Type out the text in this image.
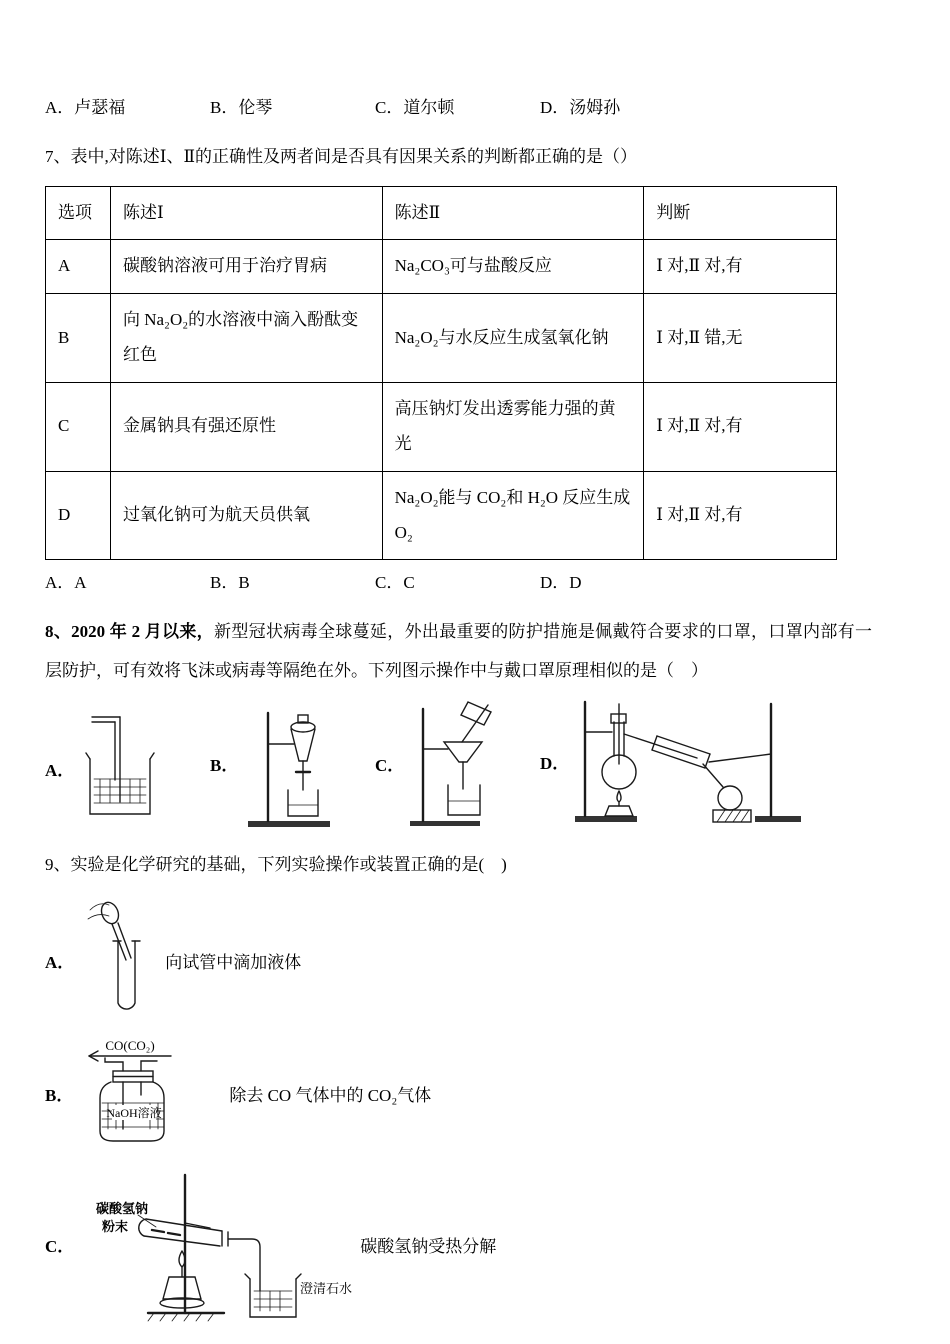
A．卢瑟福	B．伦琴	C．道尔顿	D．汤姆孙

7、表中,对陈述Ⅰ、Ⅱ的正确性及两者间是否具有因果关系的判断都正确的是（）

选项	陈述Ⅰ	陈述Ⅱ	判断
A	碳酸钠溶液可用于治疗胃病	Na₂CO₃可与盐酸反应	Ⅰ 对,Ⅱ 对,有
B	向 Na₂O₂的水溶液中滴入酚酞变红色	Na₂O₂与水反应生成氢氧化钠	Ⅰ 对,Ⅱ 错,无
C	金属钠具有强还原性	高压钠灯发出透雾能力强的黄光	Ⅰ 对,Ⅱ 对,有
D	过氧化钠可为航天员供氧	Na₂O₂能与 CO₂和 H₂O 反应生成 O₂	Ⅰ 对,Ⅱ 对,有
A．A	B．B	C．C	D．D

8、2020 年 2 月以来，新型冠状病毒全球蔓延，外出最重要的防护措施是佩戴符合要求的口罩，口罩内部有一层防护，可有效将飞沫或病毒等隔绝在外。下列图示操作中与戴口罩原理相似的是（　）

A．	B．	C．	D．

9、实验是化学研究的基础，下列实验操作或装置正确的是(　)

A．	向试管中滴加液体
B．
NaOH溶液
CO(CO₂)
除去 CO 气体中的 CO₂气体
C．
碳酸氢钠
粉末
澄清石水
碳酸氢钠受热分解
